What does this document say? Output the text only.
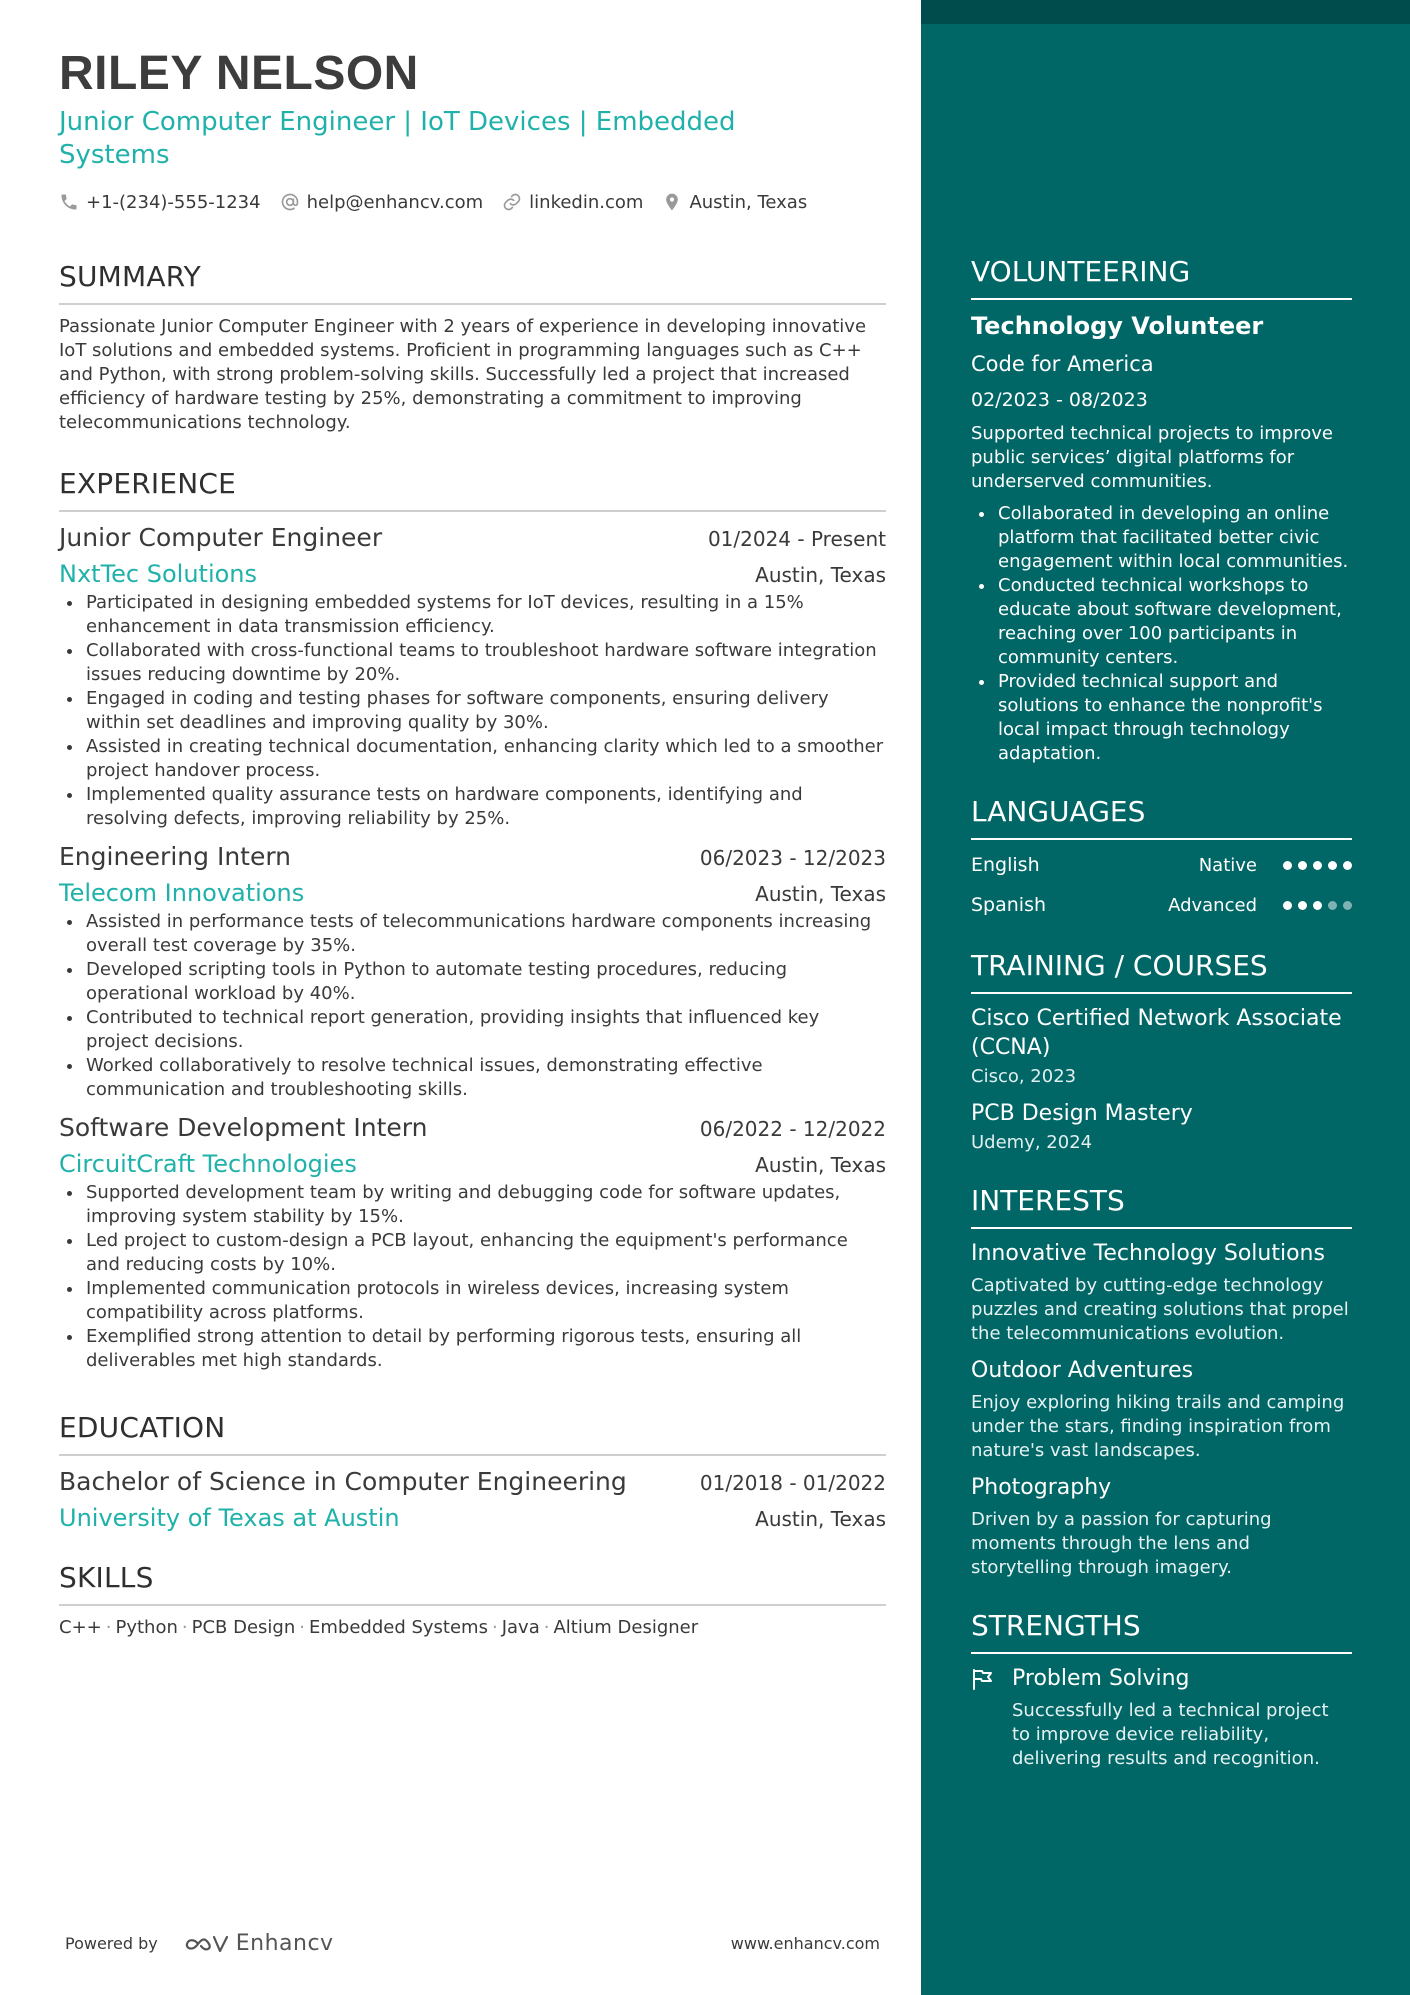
RILEY NELSON
Junior Computer Engineer | IoT Devices | Embedded Systems
+1-(234)-555-1234	help@enhancv.com	linkedin.com	Austin, Texas
SUMMARY
Passionate Junior Computer Engineer with 2 years of experience in developing innovative IoT solutions and embedded systems. Proficient in programming languages such as C++ and Python, with strong problem-solving skills. Successfully led a project that increased efficiency of hardware testing by 25%, demonstrating a commitment to improving telecommunications technology.
EXPERIENCE
Junior Computer Engineer	01/2024 - Present
NxtTec Solutions	Austin, Texas
Participated in designing embedded systems for IoT devices, resulting in a 15% enhancement in data transmission efficiency.
Collaborated with cross-functional teams to troubleshoot hardware software integration issues reducing downtime by 20%.
Engaged in coding and testing phases for software components, ensuring delivery within set deadlines and improving quality by 30%.
Assisted in creating technical documentation, enhancing clarity which led to a smoother project handover process.
Implemented quality assurance tests on hardware components, identifying and resolving defects, improving reliability by 25%.
Engineering Intern	06/2023 - 12/2023
Telecom Innovations	Austin, Texas
Assisted in performance tests of telecommunications hardware components increasing overall test coverage by 35%.
Developed scripting tools in Python to automate testing procedures, reducing operational workload by 40%.
Contributed to technical report generation, providing insights that influenced key project decisions.
Worked collaboratively to resolve technical issues, demonstrating effective communication and troubleshooting skills.
Software Development Intern	06/2022 - 12/2022
CircuitCraft Technologies	Austin, Texas
Supported development team by writing and debugging code for software updates, improving system stability by 15%.
Led project to custom-design a PCB layout, enhancing the equipment's performance and reducing costs by 10%.
Implemented communication protocols in wireless devices, increasing system compatibility across platforms.
Exemplified strong attention to detail by performing rigorous tests, ensuring all deliverables met high standards.
EDUCATION
Bachelor of Science in Computer Engineering	01/2018 - 01/2022
University of Texas at Austin	Austin, Texas
SKILLS
C++ · Python · PCB Design · Embedded Systems · Java · Altium Designer
Powered by	Enhancv	www.enhancv.com
VOLUNTEERING
Technology Volunteer
Code for America
02/2023 - 08/2023
Supported technical projects to improve public services’ digital platforms for underserved communities.
Collaborated in developing an online platform that facilitated better civic engagement within local communities.
Conducted technical workshops to educate about software development, reaching over 100 participants in community centers.
Provided technical support and solutions to enhance the nonprofit's local impact through technology adaptation.
LANGUAGES
English	Native
Spanish	Advanced
TRAINING / COURSES
Cisco Certified Network Associate (CCNA)
Cisco, 2023
PCB Design Mastery
Udemy, 2024
INTERESTS
Innovative Technology Solutions
Captivated by cutting-edge technology puzzles and creating solutions that propel the telecommunications evolution.
Outdoor Adventures
Enjoy exploring hiking trails and camping under the stars, finding inspiration from nature's vast landscapes.
Photography
Driven by a passion for capturing moments through the lens and storytelling through imagery.
STRENGTHS
Problem Solving
Successfully led a technical project to improve device reliability, delivering results and recognition.
